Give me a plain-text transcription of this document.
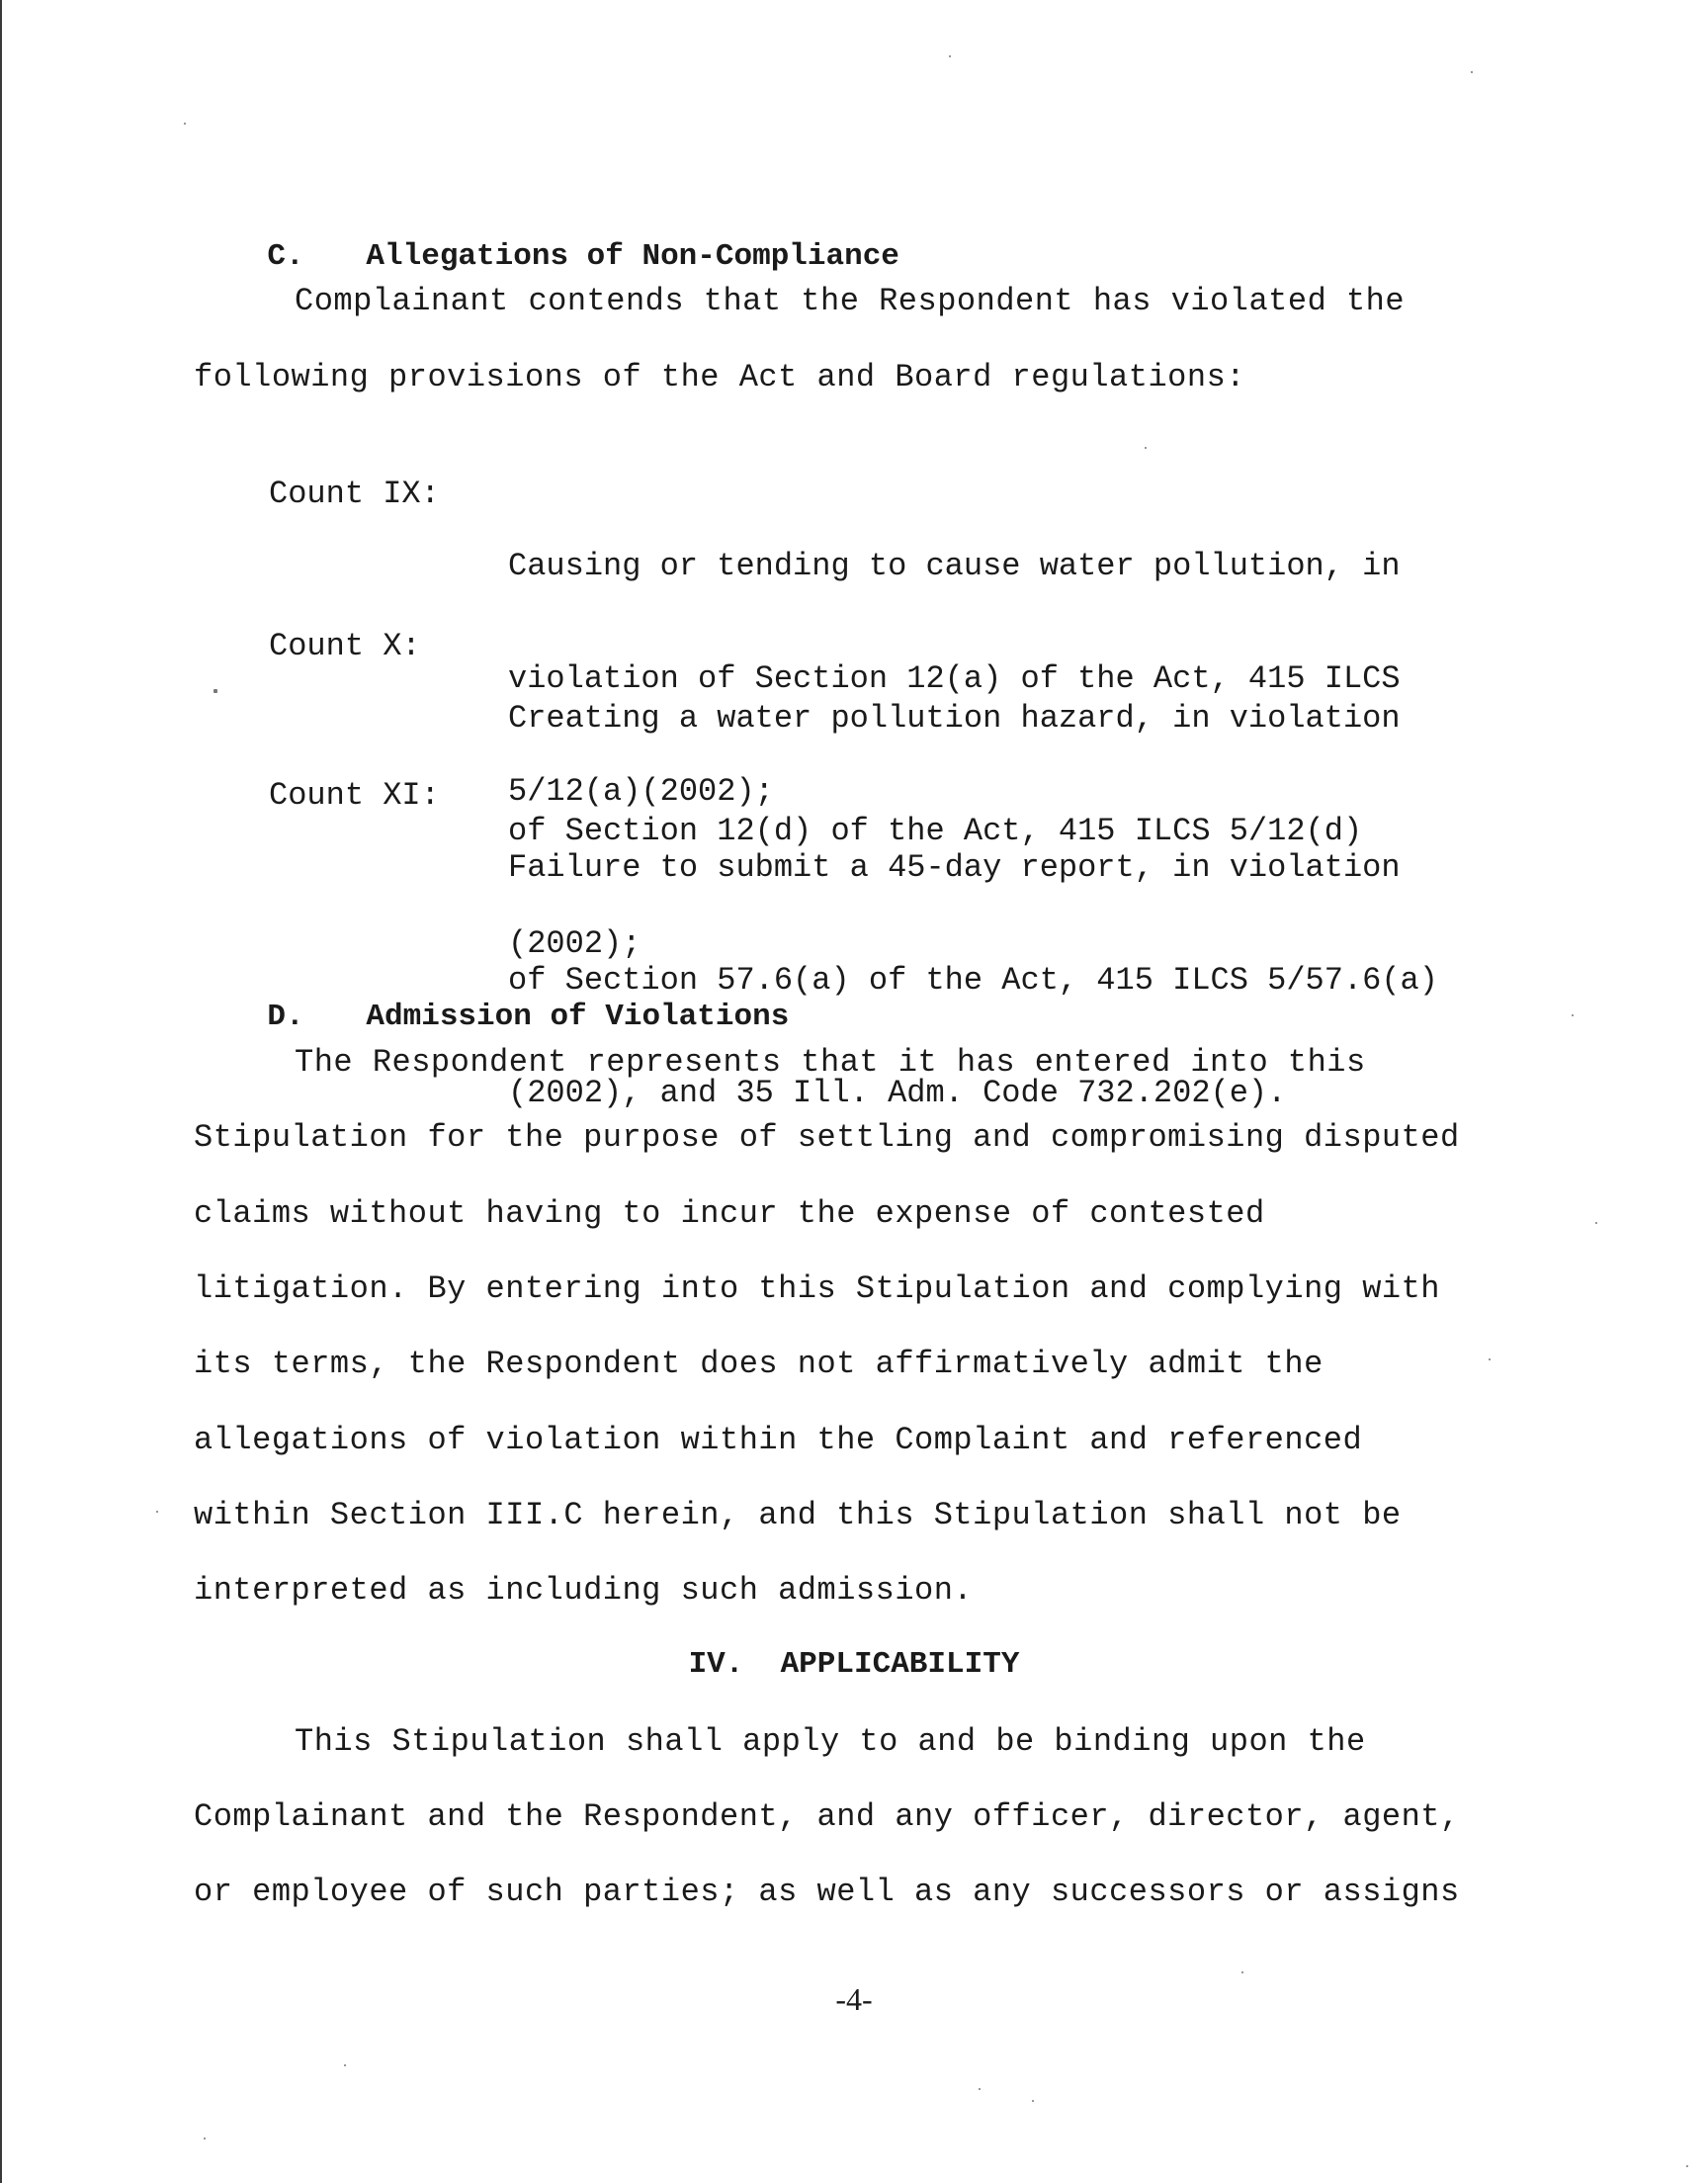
C. Allegations of Non-Compliance

Complainant contends that the Respondent has violated the
following provisions of the Act and Board regulations:
Count IX:

Causing or tending to cause water pollution, in

violation of Section 12(a) of the Act, 415 ILCS

5/12(a)(2002);

Count X:

Creating a water pollution hazard, in violation

of Section 12(d) of the Act, 415 ILCS 5/12(d)

(2002);

Count XI:

Failure to submit a 45-day report, in violation

of Section 57.6(a) of the Act, 415 ILCS 5/57.6(a)

(2002), and 35 Ill. Adm. Code 732.202(e).

D. Admission of Violations

The Respondent represents that it has entered into this
Stipulation for the purpose of settling and compromising disputed
claims without having to incur the expense of contested
litigation. By entering into this Stipulation and complying with
its terms, the Respondent does not affirmatively admit the
allegations of violation within the Complaint and referenced
within Section III.C herein, and this Stipulation shall not be
interpreted as including such admission.
IV.  APPLICABILITY
This Stipulation shall apply to and be binding upon the
Complainant and the Respondent, and any officer, director, agent,
or employee of such parties; as well as any successors or assigns
-4-
